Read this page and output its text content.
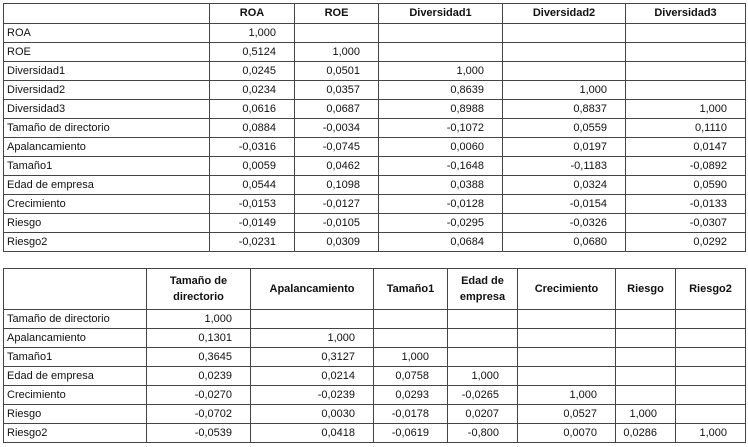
	ROA	ROE	Diversidad1	Diversidad2	Diversidad3
ROA	1,000				
ROE	0,5124	1,000			
Diversidad1	0,0245	0,0501	1,000		
Diversidad2	0,0234	0,0357	0,8639	1,000	
Diversidad3	0,0616	0,0687	0,8988	0,8837	1,000
Tamaño de directorio	0,0884	-0,0034	-0,1072	0,0559	0,1110
Apalancamiento	-0,0316	-0,0745	0,0060	0,0197	0,0147
Tamaño1	0,0059	0,0462	-0,1648	-0,1183	-0,0892
Edad de empresa	0,0544	0,1098	0,0388	0,0324	0,0590
Crecimiento	-0,0153	-0,0127	-0,0128	-0,0154	-0,0133
Riesgo	-0,0149	-0,0105	-0,0295	-0,0326	-0,0307
Riesgo2	-0,0231	0,0309	0,0684	0,0680	0,0292
	Tamaño de directorio	Apalancamiento	Tamaño1	Edad de empresa	Crecimiento	Riesgo	Riesgo2
Tamaño de directorio	1,000						
Apalancamiento	0,1301	1,000					
Tamaño1	0,3645	0,3127	1,000				
Edad de empresa	0,0239	0,0214	0,0758	1,000			
Crecimiento	-0,0270	-0,0239	0,0293	-0,0265	1,000		
Riesgo	-0,0702	0,0030	-0,0178	0,0207	0,0527	1,000	
Riesgo2	-0,0539	0,0418	-0,0619	-0,800	0,0070	0,0286	1,000
